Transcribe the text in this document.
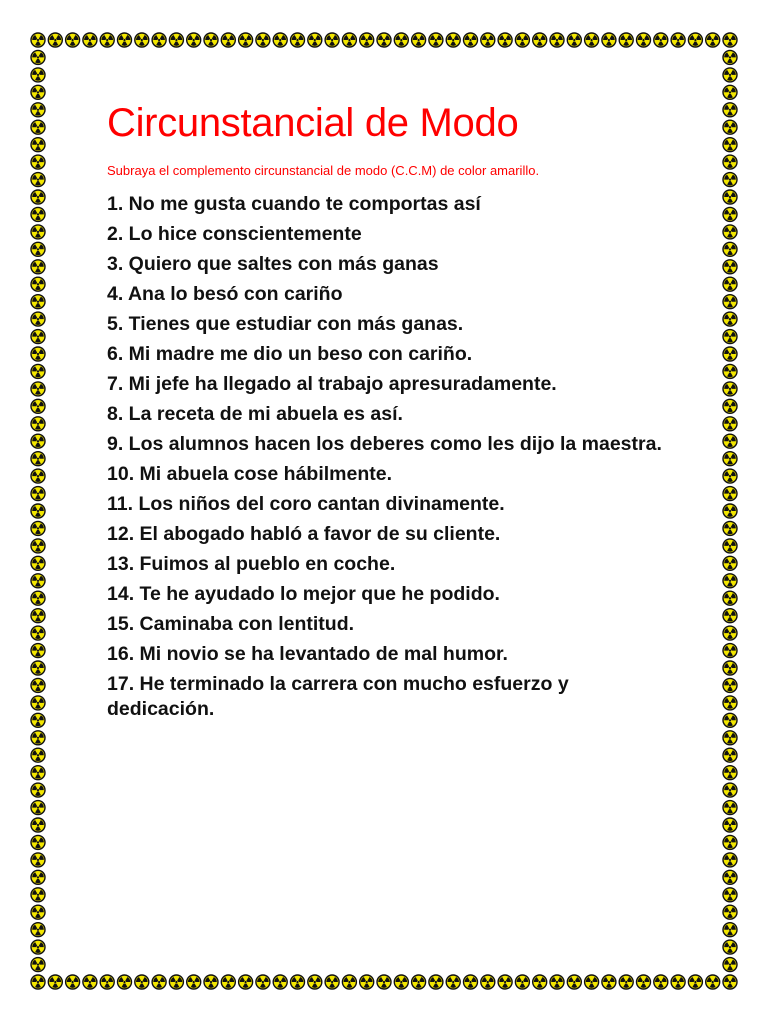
Circunstancial de Modo

Subraya el complemento circunstancial de modo (C.C.M) de color amarillo.

1. No me gusta cuando te comportas así
2. Lo hice conscientemente
3. Quiero que saltes con más ganas
4. Ana lo besó con cariño
5. Tienes que estudiar con más ganas.
6. Mi madre me dio un beso con cariño.
7. Mi jefe ha llegado al trabajo apresuradamente.
8. La receta de mi abuela es así.
9. Los alumnos hacen los deberes como les dijo la maestra.
10. Mi abuela cose hábilmente.
11. Los niños del coro cantan divinamente.
12. El abogado habló a favor de su cliente.
13. Fuimos al pueblo en coche.
14. Te he ayudado lo mejor que he podido.
15. Caminaba con lentitud.
16. Mi novio se ha levantado de mal humor.
17. He terminado la carrera con mucho esfuerzo y dedicación.
